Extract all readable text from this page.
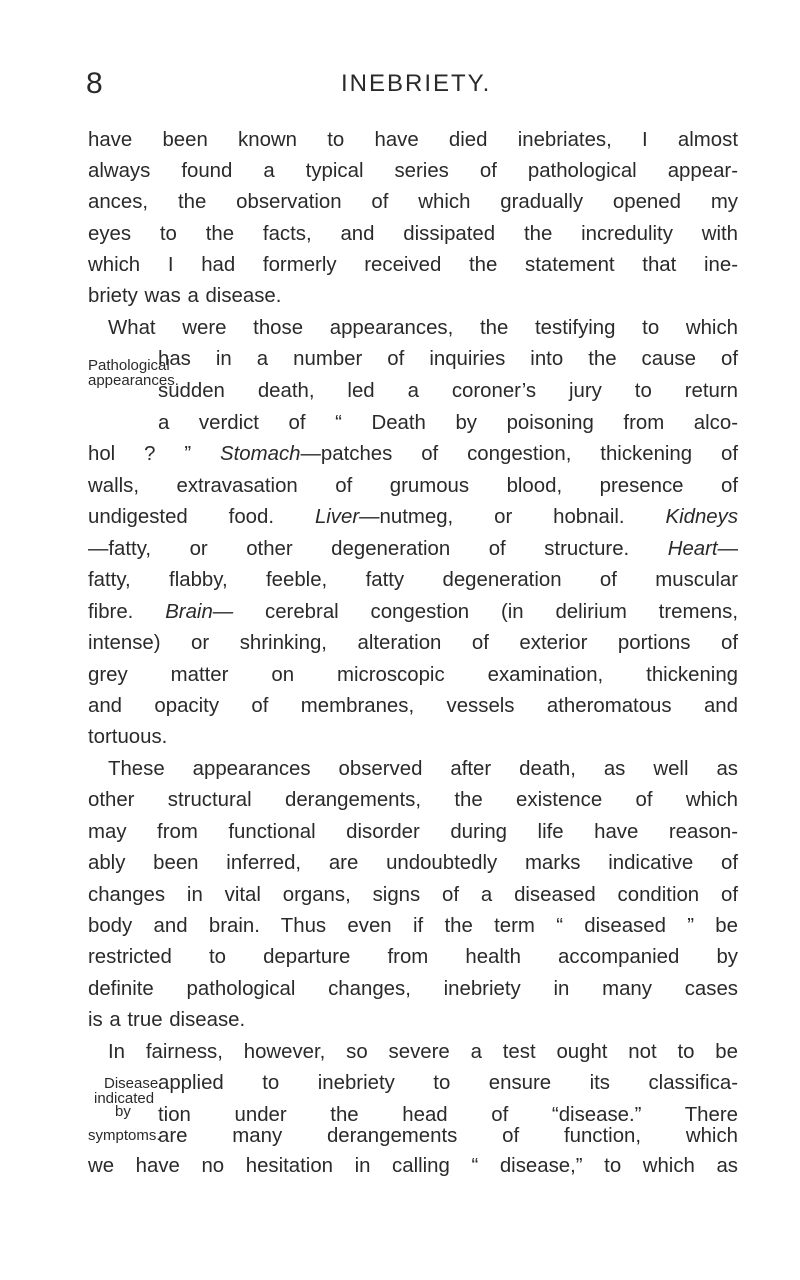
8	INEBRIETY.
have been known to have died inebriates, I almost
always found a typical series of pathological appear-
ances, the observation of which gradually opened my
eyes to the facts, and dissipated the incredulity with
which I had formerly received the statement that ine-
briety was a disease.
What were those appearances, the testifying to which
has in a number of inquiries into the cause of
Pathological
appearances.
sudden death, led a coroner’s jury to return
a verdict of “ Death by poisoning from alco-
hol ? ” Stomach—patches of congestion, thickening of
walls, extravasation of grumous blood, presence of
undigested food. Liver—nutmeg, or hobnail. Kidneys
—fatty, or other degeneration of structure. Heart—
fatty, flabby, feeble, fatty degeneration of muscular
fibre. Brain— cerebral congestion (in delirium tremens,
intense) or shrinking, alteration of exterior portions of
grey matter on microscopic examination, thickening
and opacity of membranes, vessels atheromatous and
tortuous.
These appearances observed after death, as well as
other structural derangements, the existence of which
may from functional disorder during life have reason-
ably been inferred, are undoubtedly marks indicative of
changes in vital organs, signs of a diseased condition of
body and brain. Thus even if the term “ diseased ” be
restricted to departure from health accompanied by
definite pathological changes, inebriety in many cases
is a true disease.
In fairness, however, so severe a test ought not to be
Disease applied to inebriety to ensure its classifica-
indicated
by tion under the head of “disease.” There
symptoms.
are many derangements of function, which
we have no hesitation in calling “ disease,” to which as
